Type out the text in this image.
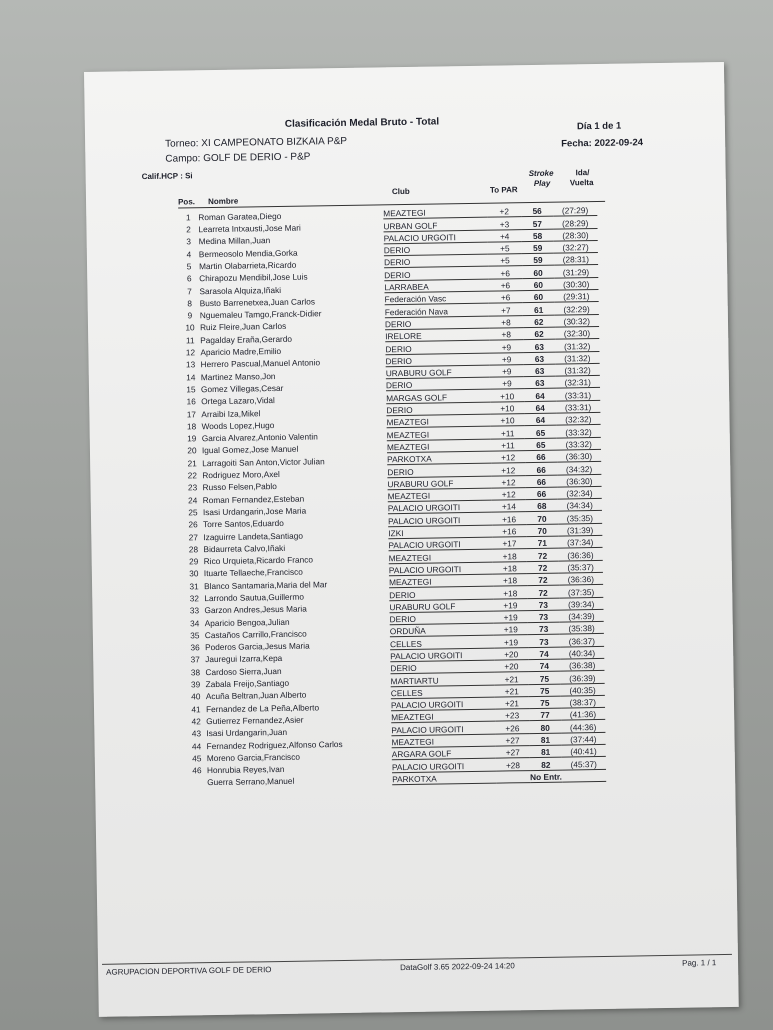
Clasificación Medal Bruto - Total	Día 1 de 1
Torneo: XI CAMPEONATO BIZKAIA P&P	Fecha: 2022-09-24
Campo: GOLF DE DERIO - P&P
Calif.HCP : Si
Pos. Nombre
Club	To PAR
Stroke
Play
Ida/
Vuelta
1	Roman Garatea,Diego	MEAZTEGI	+2	56	(27:29)
2	Learreta Intxausti,Jose Mari	URBAN GOLF	+3	57	(28:29)
3	Medina Millan,Juan	PALACIO URGOITI	+4	58	(28:30)
4	Bermeosolo Mendia,Gorka	DERIO	+5	59	(32:27)
5	Martin Olabarrieta,Ricardo	DERIO	+5	59	(28:31)
6	Chirapozu Mendibil,Jose Luis	DERIO	+6	60	(31:29)
7	Sarasola Alquiza,Iñaki	LARRABEA	+6	60	(30:30)
8	Busto Barrenetxea,Juan Carlos	Federación Vasc	+6	60	(29:31)
9	Nguemaleu Tamgo,Franck-Didier	Federación Nava	+7	61	(32:29)
10	Ruiz Fleire,Juan Carlos	DERIO	+8	62	(30:32)
11	Pagalday Eraña,Gerardo	IRELORE	+8	62	(32:30)
12	Aparicio Madre,Emilio	DERIO	+9	63	(31:32)
13	Herrero Pascual,Manuel Antonio	DERIO	+9	63	(31:32)
14	Martinez Manso,Jon	URABURU GOLF	+9	63	(31:32)
15	Gomez Villegas,Cesar	DERIO	+9	63	(32:31)
16	Ortega Lazaro,Vidal	MARGAS GOLF	+10	64	(33:31)
17	Arraibi Iza,Mikel	DERIO	+10	64	(33:31)
18	Woods Lopez,Hugo	MEAZTEGI	+10	64	(32:32)
19	Garcia Alvarez,Antonio Valentin	MEAZTEGI	+11	65	(33:32)
20	Igual Gomez,Jose Manuel	MEAZTEGI	+11	65	(33:32)
21	Larragoiti San Anton,Victor Julian	PARKOTXA	+12	66	(36:30)
22	Rodriguez Moro,Axel	DERIO	+12	66	(34:32)
23	Russo Felsen,Pablo	URABURU GOLF	+12	66	(36:30)
24	Roman Fernandez,Esteban	MEAZTEGI	+12	66	(32:34)
25	Isasi Urdangarin,Jose Maria	PALACIO URGOITI	+14	68	(34:34)
26	Torre Santos,Eduardo	PALACIO URGOITI	+16	70	(35:35)
27	Izaguirre Landeta,Santiago	IZKI	+16	70	(31:39)
28	Bidaurreta Calvo,Iñaki	PALACIO URGOITI	+17	71	(37:34)
29	Rico Urquieta,Ricardo Franco	MEAZTEGI	+18	72	(36:36)
30	Ituarte Tellaeche,Francisco	PALACIO URGOITI	+18	72	(35:37)
31	Blanco Santamaria,Maria del Mar	MEAZTEGI	+18	72	(36:36)
32	Larrondo Sautua,Guillermo	DERIO	+18	72	(37:35)
33	Garzon Andres,Jesus Maria	URABURU GOLF	+19	73	(39:34)
34	Aparicio Bengoa,Julian	DERIO	+19	73	(34:39)
35	Castaños Carrillo,Francisco	ORDUÑA	+19	73	(35:38)
36	Poderos Garcia,Jesus Maria	CELLES	+19	73	(36:37)
37	Jauregui Izarra,Kepa	PALACIO URGOITI	+20	74	(40:34)
38	Cardoso Sierra,Juan	DERIO	+20	74	(36:38)
39	Zabala Freijo,Santiago	MARTIARTU	+21	75	(36:39)
40	Acuña Beltran,Juan Alberto	CELLES	+21	75	(40:35)
41	Fernandez de La Peña,Alberto	PALACIO URGOITI	+21	75	(38:37)
42	Gutierrez Fernandez,Asier	MEAZTEGI	+23	77	(41:36)
43	Isasi Urdangarin,Juan	PALACIO URGOITI	+26	80	(44:36)
44	Fernandez Rodriguez,Alfonso Carlos	MEAZTEGI	+27	81	(37:44)
45	Moreno Garcia,Francisco	ARGARA GOLF	+27	81	(40:41)
46	Honrubia Reyes,Ivan	PALACIO URGOITI	+28	82	(45:37)
	Guerra Serrano,Manuel	PARKOTXA		No Entr.	
AGRUPACION DEPORTIVA GOLF DE DERIO	DataGolf 3.65 2022-09-24 14:20	Pag. 1 / 1
